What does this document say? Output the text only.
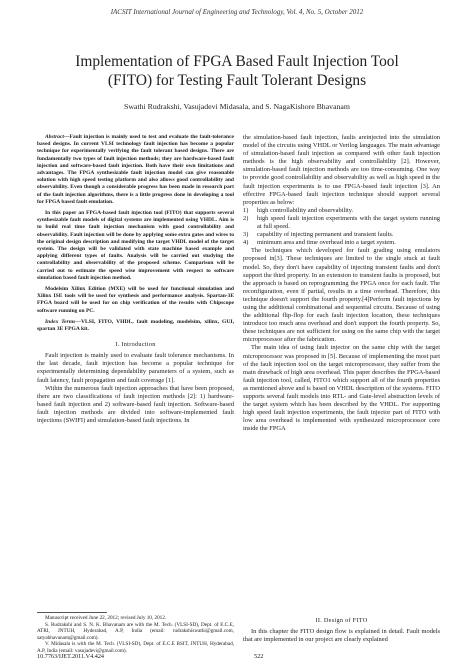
IACSIT International Journal of Engineering and Technology, Vol. 4, No. 5, October 2012
Implementation of FPGA Based Fault Injection Tool
(FITO) for Testing Fault Tolerant Designs
Swathi Rudrakshi, Vasujadevi Midasala, and S. NagaKishore Bhavanam

Abstract—Fault injection is mainly used to test and evaluate the fault-tolerance based designs. In current VLSI technology fault injection has become a popular technique for experimentally verifying the fault tolerant based designs. There are fundamentally two types of fault injection methods; they are hardware-based fault injection and software-based fault injection. Both have their own limitations and advantages. The FPGA synthesizable fault injection model can give reasonable solution with high speed testing platform and also allows good controllability and observability. Even though a considerable progress has been made in research part of the fault injection algorithms, there is a little progress done in developing a tool for FPGA based fault emulation.

In this paper an FPGA-based fault injection tool (FITO) that supports several synthesizable fault models of digital systems are implemented using VHDL. Aim is to build real time fault injection mechanism with good controllability and observability. Fault injection will be done by applying some extra gates and wires to the original design description and modifying the target VHDL model of the target system. The design will be validated with state machine based example and applying different types of faults. Analysis will be carried out studying the controllability and observability of the proposed scheme. Comparison will be carried out to estimate the speed wise improvement with respect to software simulation based fault injection method.

Modelsim Xilinx Edition (MXE) will be used for functional simulation and Xilinx ISE tools will be used for synthesis and performance analysis. Spartan-3E FPGA board will be used for on chip verification of the results with Chipscope software running on PC.

Index Terms—VLSI, FITO, VHDL, fault modeling, modelsim, xilinx, GUI, spartan 3E FPGA kit.

I. Introduction

Fault injection is mainly used to evaluate fault tolerance mechanisms. In the last decade, fault injection has become a popular technique for experimentally determining dependability parameters of a system, such as fault latency, fault propagation and fault coverage [1].

Within the numerous fault injection approaches that have been proposed, there are two classifications of fault injection methods [2]: 1) hardware-based fault injection and 2) software-based fault injection. Software-based fault injection methods are divided into software-implemented fault injections (SWIFI) and simulation-based fault injections. In

Manuscript received June 22, 2012; revised July 10, 2012.

S. Rudrakshi and S. N. K. Bhavanam are with the M. Tech. (VLSI-SD), Dept. of E.C.E, ATRI, JNTUH, Hyderabad, A.P, India (email: rudrakshiswathi@gmail.com, satyabhavanam@gmail.com).

V. Midasala is with the M. Tech. (VLSI-SD), Dept. of E.C.E BSIT, JNTUH, Hyderabad, A.P, India (email: vasujadevi@gmail.com).

the simulation-based fault injection, faults areinjected into the simulation model of the circuits using VHDL or Verilog languages. The main advantage of simulation-based fault injection as compared with other fault injection methods is the high observability and controllability [2]. However, simulation-based fault injection methods are too time-consuming. One way to provide good controllability and observability as well as high speed in the fault injection experiments is to use FPGA-based fault injection [3]. An effective FPGA-based fault injection technique should support several properties as below:

1) high controllability and observability.

2) high speed fault injection experiments with the target system running at full speed.

3) capability of injecting permanent and transient faults.

4) minimum area and time overhead into a target system.

The techniques which developed for fault grading using emulators proposed in[3]. These techniques are limited to the single stuck at fault model. So, they don't have capability of injecting transient faults and don't support the third property. In an extension to transient faults is proposed, but the approach is based on reprogramming the FPGA once for each fault. The reconfiguration, even if partial, results in a time overhead. Therefore, this technique doesn't support the fourth property.[4]Perform fault injections by using the additional combinational and sequential circuits. Because of using the additional flip-flop for each fault injection location, these techniques introduce too much area overhead and don't support the fourth property. So, these techniques are not sufficient for using on the same chip with the target microprocessor after the fabrication.

The main idea of using fault injector on the same chip with the target microprocessor was proposed in [5]. Because of implementing the most part of the fault injection tool on the target microprocessor, they suffer from the main drawback of high area overhead. This paper describes the FPGA-based fault injection tool, called, FITO1 which support all of the fourth properties as mentioned above and is based on VHDL description of the systems. FITO supports several fault models into RTL- and Gate-level abstraction levels of the target system which has been described by the VHDL. For supporting high speed fault injection experiments, the fault injector part of FITO with low area overhead is implemented with synthesized microprocessor core inside the FPGA

II. Design of FITO

In this chapter the FITO design flow is explained in detail. Fault models that are implemented in our project are clearly explained

10.7763/IJET.2011.V4.424	522
